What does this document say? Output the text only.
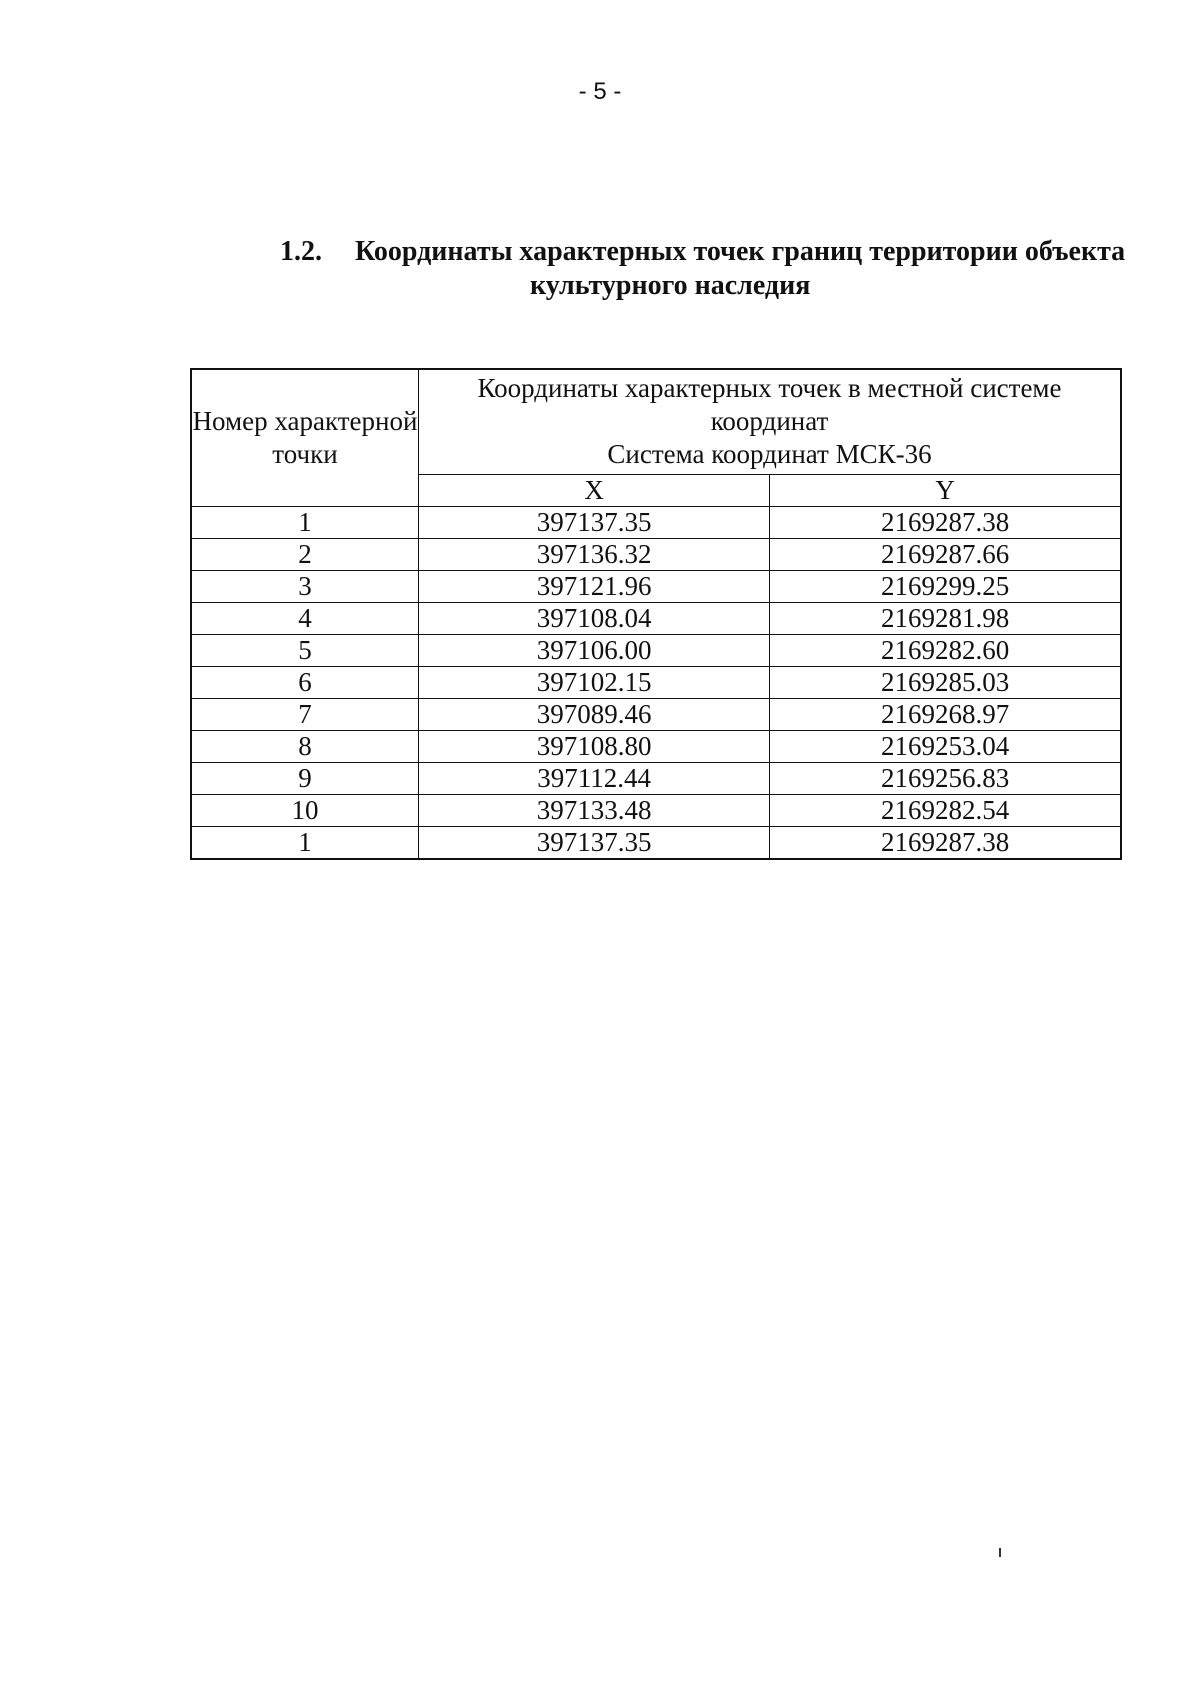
- 5 -
1.2. Координаты характерных точек границ территории объекта
культурного наследия
Номер характерной точки	Координаты характерных точек в местной системе
координат
Система координат МСК-36	

	X	Y
1	397137.35	2169287.38
2	397136.32	2169287.66
3	397121.96	2169299.25
4	397108.04	2169281.98
5	397106.00	2169282.60
6	397102.15	2169285.03
7	397089.46	2169268.97
8	397108.80	2169253.04
9	397112.44	2169256.83
10	397133.48	2169282.54
1	397137.35	2169287.38
